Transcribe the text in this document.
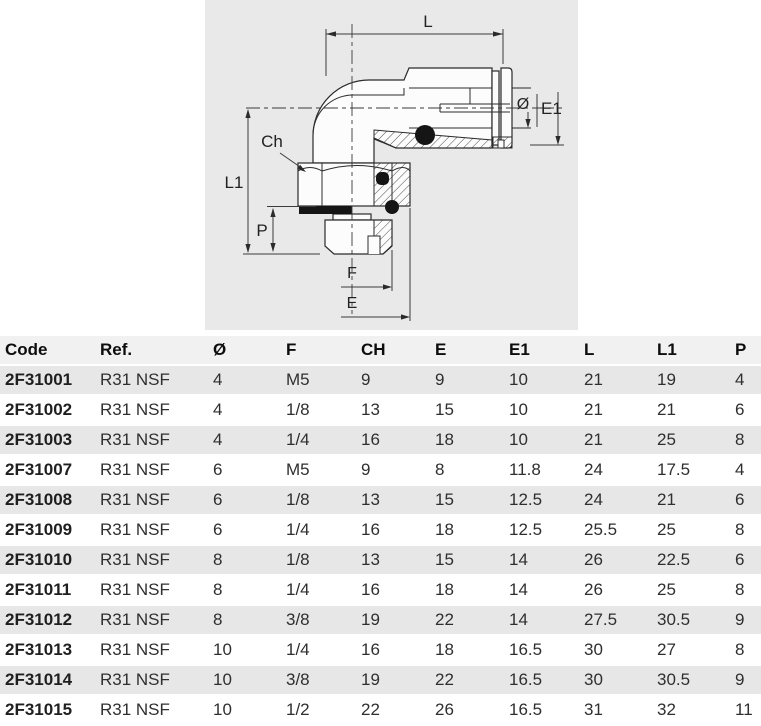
L
Ø E1
Ch
L1
P
F
E
Code	Ref.	Ø	F	CH	E	E1	L	L1	P
2F31001	R31 NSF	4	M5	9	9	10	21	19	4
2F31002	R31 NSF	4	1/8	13	15	10	21	21	6
2F31003	R31 NSF	4	1/4	16	18	10	21	25	8
2F31007	R31 NSF	6	M5	9	8	11.8	24	17.5	4
2F31008	R31 NSF	6	1/8	13	15	12.5	24	21	6
2F31009	R31 NSF	6	1/4	16	18	12.5	25.5	25	8
2F31010	R31 NSF	8	1/8	13	15	14	26	22.5	6
2F31011	R31 NSF	8	1/4	16	18	14	26	25	8
2F31012	R31 NSF	8	3/8	19	22	14	27.5	30.5	9
2F31013	R31 NSF	10	1/4	16	18	16.5	30	27	8
2F31014	R31 NSF	10	3/8	19	22	16.5	30	30.5	9
2F31015	R31 NSF	10	1/2	22	26	16.5	31	32	11
